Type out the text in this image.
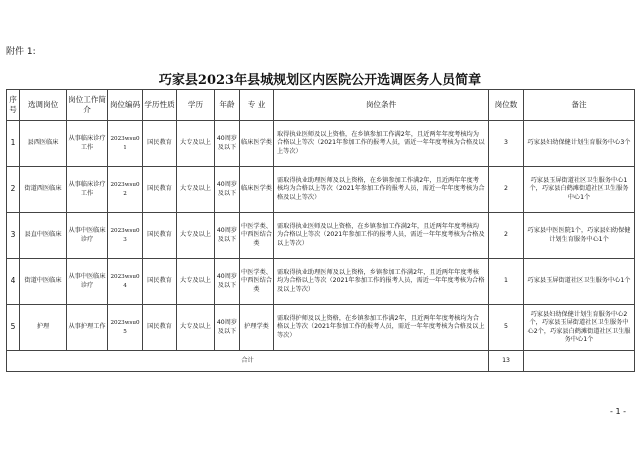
附件 1:
巧家县2023年县城规划区内医院公开选调医务人员简章
序号	选调岗位	岗位工作简介	岗位编码	学历性质	学历	年龄	专 业	岗位条件	岗位数	备注
1	县西医临床	从事临床诊疗工作	2023wsu01	国民教育	大专及以上	40周岁及以下	临床医学类	取得执业医师及以上资格，在乡镇参加工作满2年，且近两年年度考核均为合格以上等次（2021年参加工作的报考人员，需近一年年度考核为合格及以上等次）	3	巧家县妇幼保健计划生育服务中心3个
2	街道西医临床	从事临床诊疗工作	2023wsu02	国民教育	大专及以上	40周岁及以下	临床医学类	需取得执业助理医师及以上资格，在乡镇参加工作满2年，且近两年年度考核均为合格以上等次（2021年参加工作的报考人员，需近一年年度考核为合格及以上等次）	2	巧家县玉屏街道社区卫生服务中心1个，巧家县白鹤滩街道社区卫生服务中心1个
3	县直中医临床	从事中医临床诊疗	2023wsu03	国民教育	大专及以上	40周岁及以下	中医学类、中西医结合类	需取得执业医师及以上资格，在乡镇参加工作满2年，且近两年年度考核均为合格以上等次（2021年参加工作的报考人员，需近一年年度考核为合格及以上等次）	2	巧家县中医医院1个，巧家县妇幼保健计划生育服务中心1个
4	街道中医临床	从事中医临床诊疗	2023wsu04	国民教育	大专及以上	40周岁及以下	中医学类、中西医结合类	需取得执业助理医师及以上资格，乡镇参加工作满2年，且近两年年度考核均为合格以上等次（2021年参加工作的报考人员，需近一年年度考核为合格及以上等次）	1	巧家县玉屏街道社区卫生服务中心1个
5	护理	从事护理工作	2023wsu05	国民教育	大专及以上	40周岁及以下	护理学类	需取得护师及以上资格，在乡镇参加工作满2年，且近两年年度考核均为合格以上等次（2021年参加工作的报考人员，需近一年年度考核为合格及以上等次）	5	巧家县妇幼保健计划生育服务中心2个，巧家县玉屏街道社区卫生服务中心2个，巧家县白鹤滩街道社区卫生服务中心1个
合计									13	
- 1 -
